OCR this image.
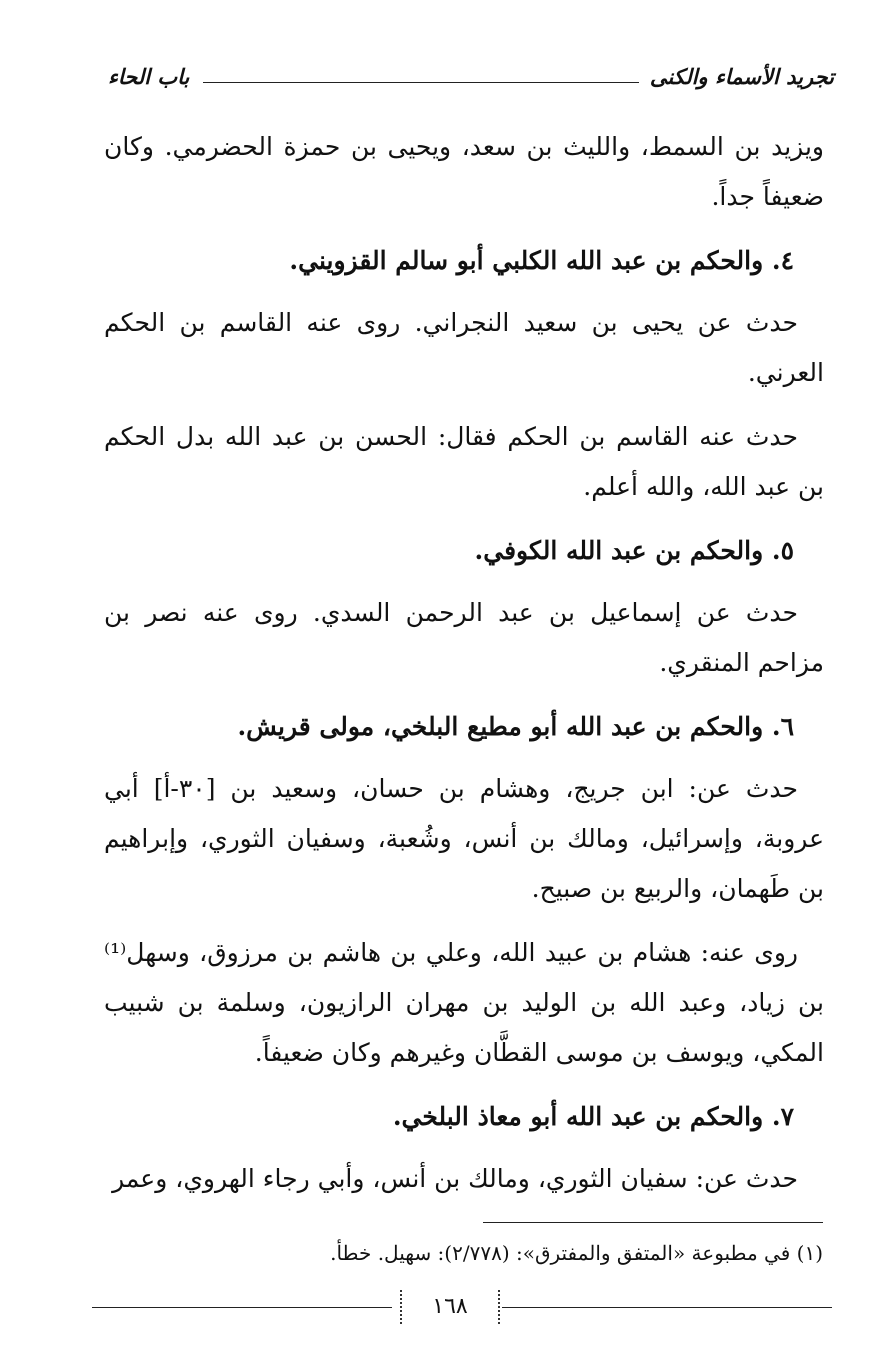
تجريد الأسماء والكنى
باب الحاء

ويزيد بن السمط، والليث بن سعد، ويحيى بن حمزة الحضرمي. وكان ضعيفاً جداً.

٤. والحكم بن عبد الله الكلبي أبو سالم القزويني.

حدث عن يحيى بن سعيد النجراني. روى عنه القاسم بن الحكم العرني.

حدث عنه القاسم بن الحكم فقال: الحسن بن عبد الله بدل الحكم بن عبد الله، والله أعلم.

٥. والحكم بن عبد الله الكوفي.

حدث عن إسماعيل بن عبد الرحمن السدي. روى عنه نصر بن مزاحم المنقري.

٦. والحكم بن عبد الله أبو مطيع البلخي، مولى قريش.

حدث عن: ابن جريج، وهشام بن حسان، وسعيد بن [٣٠-أ] أبي عروبة، وإسرائيل، ومالك بن أنس، وشُعبة، وسفيان الثوري، وإبراهيم بن طَهمان، والربيع بن صبيح.

روى عنه: هشام بن عبيد الله، وعلي بن هاشم بن مرزوق، وسهل⁽¹⁾ بن زياد، وعبد الله بن الوليد بن مهران الرازيون، وسلمة بن شبيب المكي، ويوسف بن موسى القطَّان وغيرهم وكان ضعيفاً.

٧. والحكم بن عبد الله أبو معاذ البلخي.

حدث عن: سفيان الثوري، ومالك بن أنس، وأبي رجاء الهروي، وعمر

(١) في مطبوعة «المتفق والمفترق»: (٢/٧٧٨): سهيل. خطأ.
١٦٨
